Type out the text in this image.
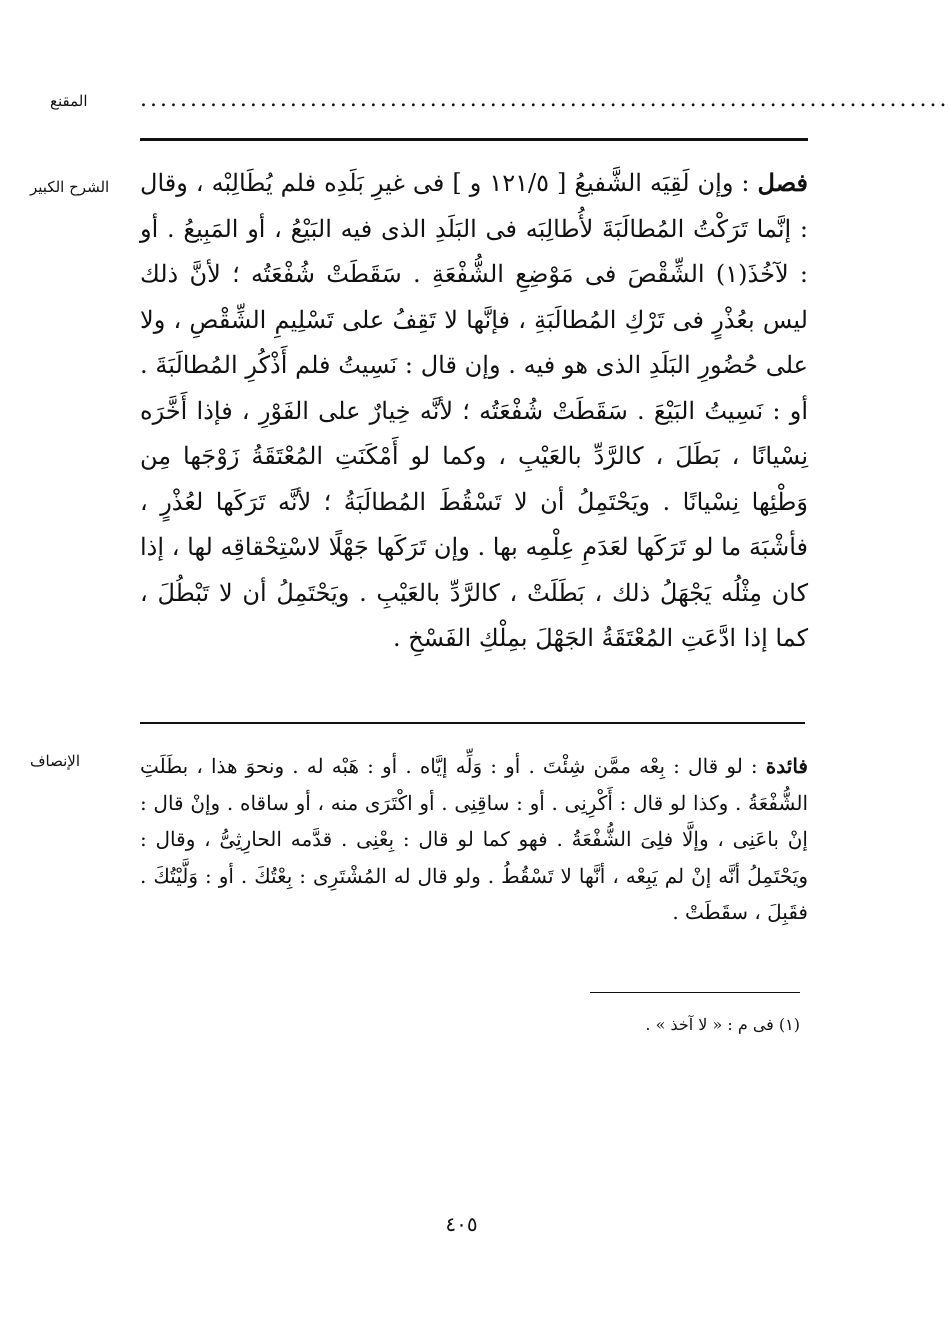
المقنع .................................................................................
الشرح الكبير	فصل : وإن لَقِيَه الشَّفيعُ [ ١٢١/٥ و ] فى غيرِ بَلَدِه فلم يُطَالِبْه ، وقال : إنَّما تَرَكْتُ المُطالَبَةَ لأُطالِبَه فى البَلَدِ الذى فيه البَيْعُ ، أو المَبِيعُ . أو : لآخُذَ(١) الشِّقْصَ فى مَوْضِعِ الشُّفْعَةِ . سَقَطَتْ شُفْعَتُه ؛ لأنَّ ذلك ليس بعُذْرٍ فى تَرْكِ المُطالَبَةِ ، فإنَّها لا تَقِفُ على تَسْلِيمِ الشِّقْصِ ، ولا على حُضُورِ البَلَدِ الذى هو فيه . وإن قال : نَسِيتُ فلم أَذْكُرِ المُطالَبَةَ . أو : نَسِيتُ البَيْعَ . سَقَطَتْ شُفْعَتُه ؛ لأنَّه خِيارٌ على الفَوْرِ ، فإذا أَخَّرَه نِسْيانًا ، بَطَلَ ، كالرَّدِّ بالعَيْبِ ، وكما لو أَمْكَنَتِ المُعْتَقَةُ زَوْجَها مِن وَطْئِها نِسْيانًا . ويَحْتَمِلُ أن لا تَسْقُطَ المُطالَبَةُ ؛ لأنَّه تَرَكَها لعُذْرٍ ، فأشْبَهَ ما لو تَرَكَها لعَدَمِ عِلْمِه بها . وإن تَرَكَها جَهْلًا لاسْتِحْقاقِه لها ، إذا كان مِثْلُه يَجْهَلُ ذلك ، بَطَلَتْ ، كالرَّدِّ بالعَيْبِ . ويَحْتَمِلُ أن لا تَبْطُلَ ، كما إذا ادَّعَتِ المُعْتَقَةُ الجَهْلَ بمِلْكِ الفَسْخِ .

الإنصاف	فائدة : لو قال : بِعْه ممَّن شِئْتَ . أو : وَلِّه إيَّاه . أو : هَبْه له . ونحوَ هذا ، بطَلَتِ الشُّفْعَةُ . وكذا لو قال : أَكْرِنِى . أو : ساقِنِى . أو اكْتَرَى منه ، أو ساقاه . وإنْ قال : إنْ باعَنِى ، وإلَّا فلِىَ الشُّفْعَةُ . فهو كما لو قال : بِعْنِى . قدَّمه الحارِثِىُّ ، وقال : ويَحْتَمِلُ أنَّه إنْ لم يَبِعْه ، أنَّها لا تَسْقُطُ . ولو قال له المُشْتَرِى : بِعْتُكَ . أو : وَلَّيْتُكَ . فقَبِلَ ، سقَطَتْ .

(١) فى م : « لا آخذ » .
٤٠٥
